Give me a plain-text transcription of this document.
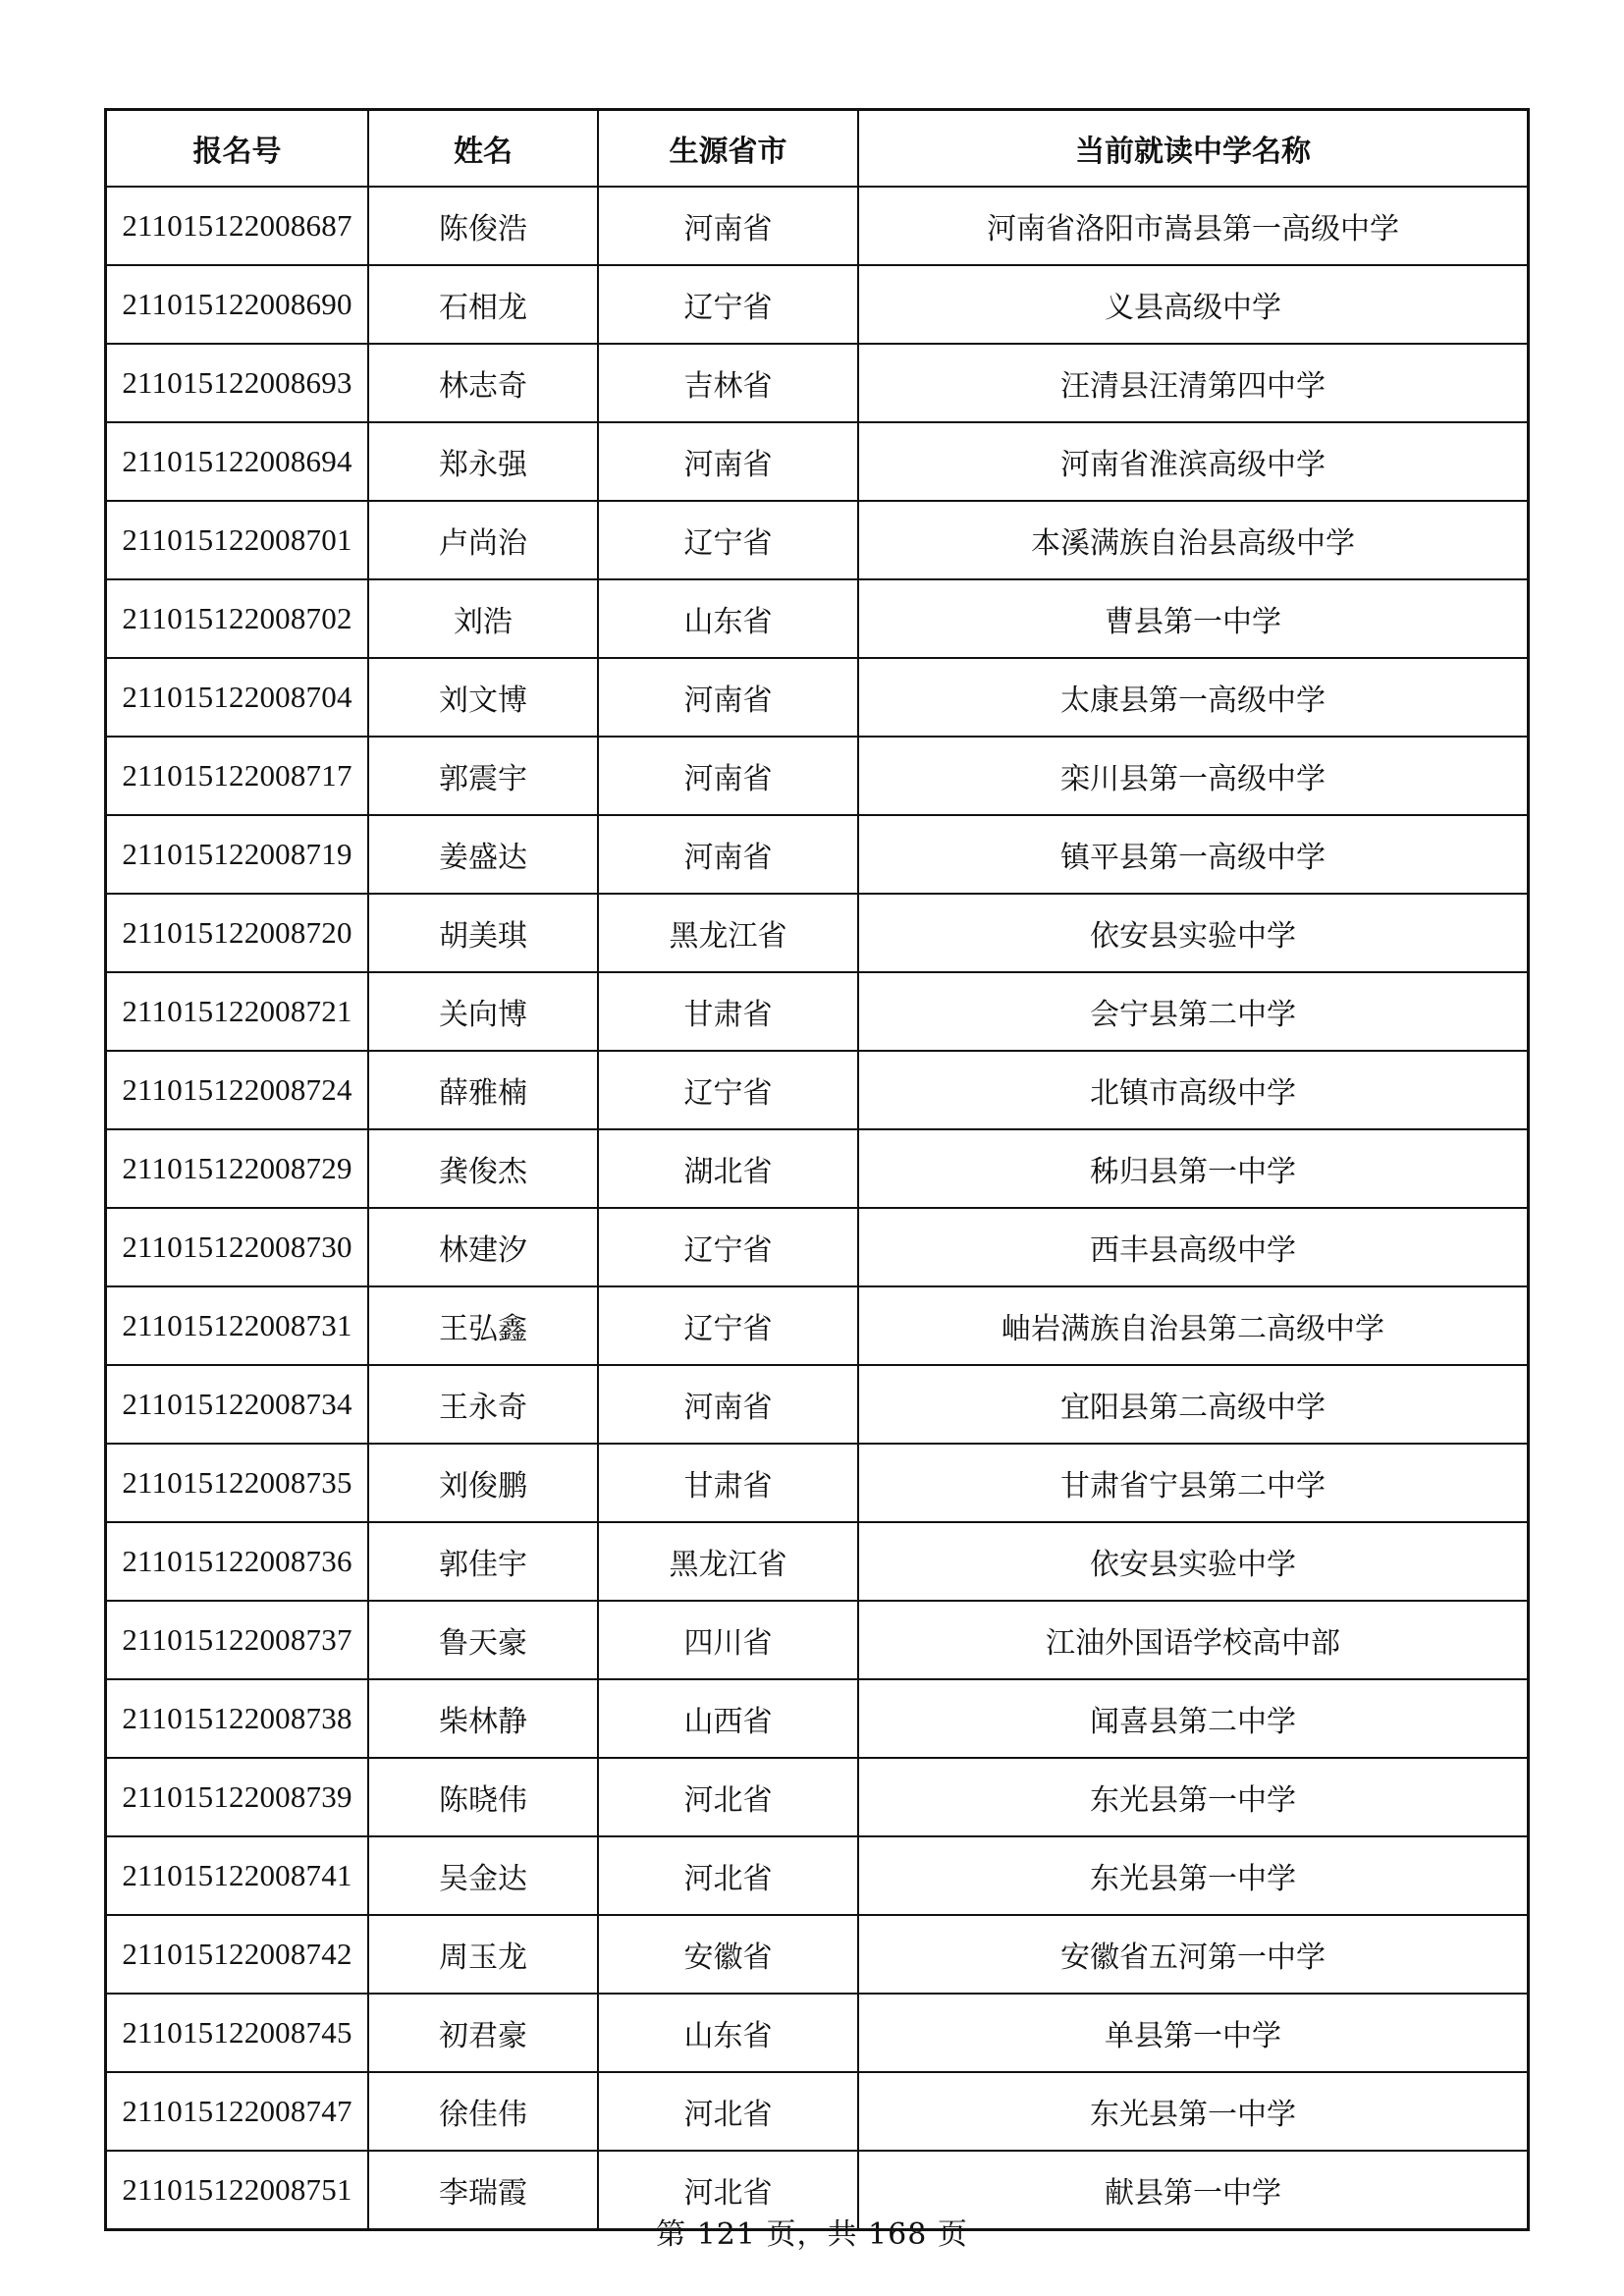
报名号	姓名	生源省市	当前就读中学名称
211015122008687	陈俊浩	河南省	河南省洛阳市嵩县第一高级中学
211015122008690	石相龙	辽宁省	义县高级中学
211015122008693	林志奇	吉林省	汪清县汪清第四中学
211015122008694	郑永强	河南省	河南省淮滨高级中学
211015122008701	卢尚治	辽宁省	本溪满族自治县高级中学
211015122008702	刘浩	山东省	曹县第一中学
211015122008704	刘文博	河南省	太康县第一高级中学
211015122008717	郭震宇	河南省	栾川县第一高级中学
211015122008719	姜盛达	河南省	镇平县第一高级中学
211015122008720	胡美琪	黑龙江省	依安县实验中学
211015122008721	关向博	甘肃省	会宁县第二中学
211015122008724	薛雅楠	辽宁省	北镇市高级中学
211015122008729	龚俊杰	湖北省	秭归县第一中学
211015122008730	林建汐	辽宁省	西丰县高级中学
211015122008731	王弘鑫	辽宁省	岫岩满族自治县第二高级中学
211015122008734	王永奇	河南省	宜阳县第二高级中学
211015122008735	刘俊鹏	甘肃省	甘肃省宁县第二中学
211015122008736	郭佳宇	黑龙江省	依安县实验中学
211015122008737	鲁天豪	四川省	江油外国语学校高中部
211015122008738	柴林静	山西省	闻喜县第二中学
211015122008739	陈晓伟	河北省	东光县第一中学
211015122008741	吴金达	河北省	东光县第一中学
211015122008742	周玉龙	安徽省	安徽省五河第一中学
211015122008745	初君豪	山东省	单县第一中学
211015122008747	徐佳伟	河北省	东光县第一中学
211015122008751	李瑞霞	河北省	献县第一中学
第 121 页，共 168 页
